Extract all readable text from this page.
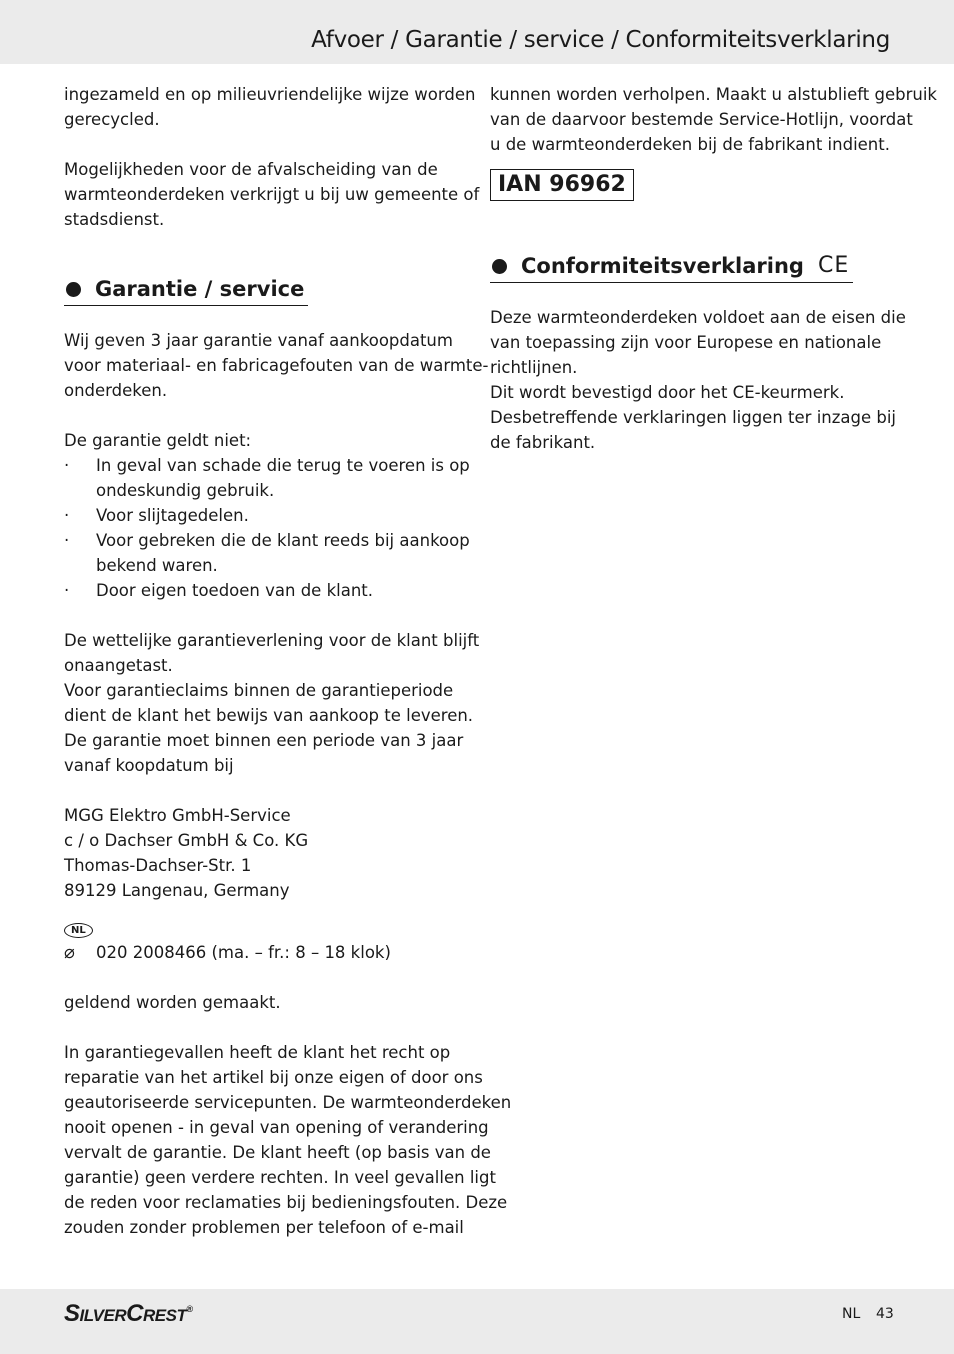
Afvoer / Garantie / service / Conformiteitsverklaring

ingezameld en op milieuvriendelijke wijze worden
gerecycled.

Mogelijkheden voor de afvalscheiding van de
warmteonderdeken verkrijgt u bij uw gemeente of
stadsdienst.

Garantie / service

Wij geven 3 jaar garantie vanaf aankoopdatum
voor materiaal- en fabricagefouten van de warmte-
onderdeken.

De garantie geldt niet:

· In geval van schade die terug te voeren is op
ondeskundig gebruik.
· Voor slijtagedelen.
· Voor gebreken die de klant reeds bij aankoop
bekend waren.
· Door eigen toedoen van de klant.

De wettelijke garantieverlening voor de klant blijft
onaangetast.
Voor garantieclaims binnen de garantieperiode
dient de klant het bewijs van aankoop te leveren.
De garantie moet binnen een periode van 3 jaar
vanaf koopdatum bij

MGG Elektro GmbH-Service
c / o Dachser GmbH & Co. KG
Thomas-Dachser-Str. 1
89129 Langenau, Germany

NL
⌀ 020 2008466 (ma. – fr.: 8 – 18 klok)

geldend worden gemaakt.

In garantiegevallen heeft de klant het recht op
reparatie van het artikel bij onze eigen of door ons
geautoriseerde servicepunten. De warmteonderdeken
nooit openen - in geval van opening of verandering
vervalt de garantie. De klant heeft (op basis van de
garantie) geen verdere rechten. In veel gevallen ligt
de reden voor reclamaties bij bedieningsfouten. Deze
zouden zonder problemen per telefoon of e-mail

kunnen worden verholpen. Maakt u alstublieft gebruik
van de daarvoor bestemde Service-Hotlijn, voordat
u de warmteonderdeken bij de fabrikant indient.

IAN 96962
Conformiteitsverklaring CE

Deze warmteonderdeken voldoet aan de eisen die
van toepassing zijn voor Europese en nationale
richtlijnen.
Dit wordt bevestigd door het CE-keurmerk.
Desbetreffende verklaringen liggen ter inzage bij
de fabrikant.

SILVERCREST®	NL 43
